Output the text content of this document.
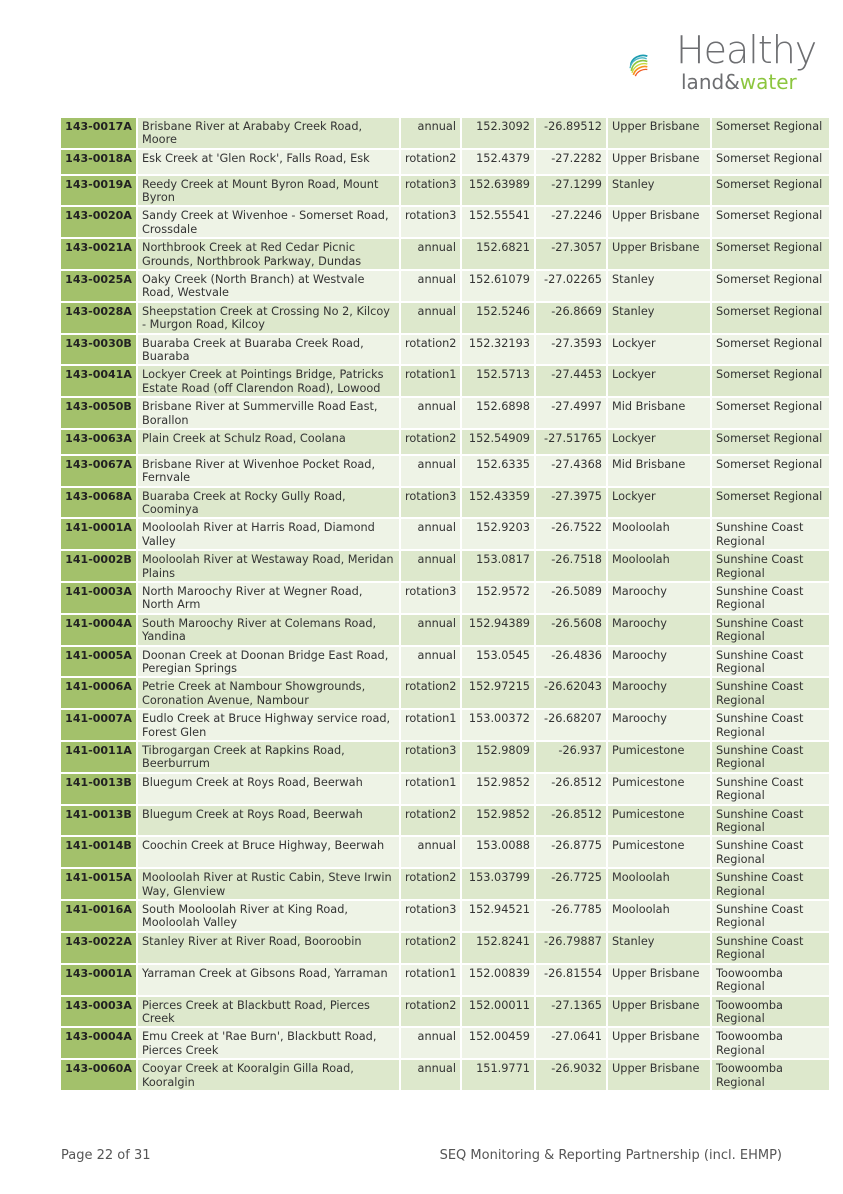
Healthy
land&water
143-0017A	Brisbane River at Arababy Creek Road, Moore	annual	152.3092	-26.89512	Upper Brisbane	Somerset Regional
143-0018A	Esk Creek at 'Glen Rock', Falls Road, Esk	rotation2	152.4379	-27.2282	Upper Brisbane	Somerset Regional
143-0019A	Reedy Creek at Mount Byron Road, Mount Byron	rotation3	152.63989	-27.1299	Stanley	Somerset Regional
143-0020A	Sandy Creek at Wivenhoe - Somerset Road, Crossdale	rotation3	152.55541	-27.2246	Upper Brisbane	Somerset Regional
143-0021A	Northbrook Creek at Red Cedar Picnic Grounds, Northbrook Parkway, Dundas	annual	152.6821	-27.3057	Upper Brisbane	Somerset Regional
143-0025A	Oaky Creek (North Branch) at Westvale Road, Westvale	annual	152.61079	-27.02265	Stanley	Somerset Regional
143-0028A	Sheepstation Creek at Crossing No 2, Kilcoy - Murgon Road, Kilcoy	annual	152.5246	-26.8669	Stanley	Somerset Regional
143-0030B	Buaraba Creek at Buaraba Creek Road, Buaraba	rotation2	152.32193	-27.3593	Lockyer	Somerset Regional
143-0041A	Lockyer Creek at Pointings Bridge, Patricks Estate Road (off Clarendon Road), Lowood	rotation1	152.5713	-27.4453	Lockyer	Somerset Regional
143-0050B	Brisbane River at Summerville Road East, Borallon	annual	152.6898	-27.4997	Mid Brisbane	Somerset Regional
143-0063A	Plain Creek at Schulz Road, Coolana	rotation2	152.54909	-27.51765	Lockyer	Somerset Regional
143-0067A	Brisbane River at Wivenhoe Pocket Road, Fernvale	annual	152.6335	-27.4368	Mid Brisbane	Somerset Regional
143-0068A	Buaraba Creek at Rocky Gully Road, Coominya	rotation3	152.43359	-27.3975	Lockyer	Somerset Regional
141-0001A	Mooloolah River at Harris Road, Diamond Valley	annual	152.9203	-26.7522	Mooloolah	Sunshine Coast Regional
141-0002B	Mooloolah River at Westaway Road, Meridan Plains	annual	153.0817	-26.7518	Mooloolah	Sunshine Coast Regional
141-0003A	North Maroochy River at Wegner Road, North Arm	rotation3	152.9572	-26.5089	Maroochy	Sunshine Coast Regional
141-0004A	South Maroochy River at Colemans Road, Yandina	annual	152.94389	-26.5608	Maroochy	Sunshine Coast Regional
141-0005A	Doonan Creek at Doonan Bridge East Road, Peregian Springs	annual	153.0545	-26.4836	Maroochy	Sunshine Coast Regional
141-0006A	Petrie Creek at Nambour Showgrounds, Coronation Avenue, Nambour	rotation2	152.97215	-26.62043	Maroochy	Sunshine Coast Regional
141-0007A	Eudlo Creek at Bruce Highway service road, Forest Glen	rotation1	153.00372	-26.68207	Maroochy	Sunshine Coast Regional
141-0011A	Tibrogargan Creek at Rapkins Road, Beerburrum	rotation3	152.9809	-26.937	Pumicestone	Sunshine Coast Regional
141-0013B	Bluegum Creek at Roys Road, Beerwah	rotation1	152.9852	-26.8512	Pumicestone	Sunshine Coast Regional
141-0013B	Bluegum Creek at Roys Road, Beerwah	rotation2	152.9852	-26.8512	Pumicestone	Sunshine Coast Regional
141-0014B	Coochin Creek at Bruce Highway, Beerwah	annual	153.0088	-26.8775	Pumicestone	Sunshine Coast Regional
141-0015A	Mooloolah River at Rustic Cabin, Steve Irwin Way, Glenview	rotation2	153.03799	-26.7725	Mooloolah	Sunshine Coast Regional
141-0016A	South Mooloolah River at King Road, Mooloolah Valley	rotation3	152.94521	-26.7785	Mooloolah	Sunshine Coast Regional
143-0022A	Stanley River at River Road, Booroobin	rotation2	152.8241	-26.79887	Stanley	Sunshine Coast Regional
143-0001A	Yarraman Creek at Gibsons Road, Yarraman	rotation1	152.00839	-26.81554	Upper Brisbane	Toowoomba Regional
143-0003A	Pierces Creek at Blackbutt Road, Pierces Creek	rotation2	152.00011	-27.1365	Upper Brisbane	Toowoomba Regional
143-0004A	Emu Creek at 'Rae Burn', Blackbutt Road, Pierces Creek	annual	152.00459	-27.0641	Upper Brisbane	Toowoomba Regional
143-0060A	Cooyar Creek at Kooralgin Gilla Road, Kooralgin	annual	151.9771	-26.9032	Upper Brisbane	Toowoomba Regional
Page 22 of 31	SEQ Monitoring & Reporting Partnership (incl. EHMP)
